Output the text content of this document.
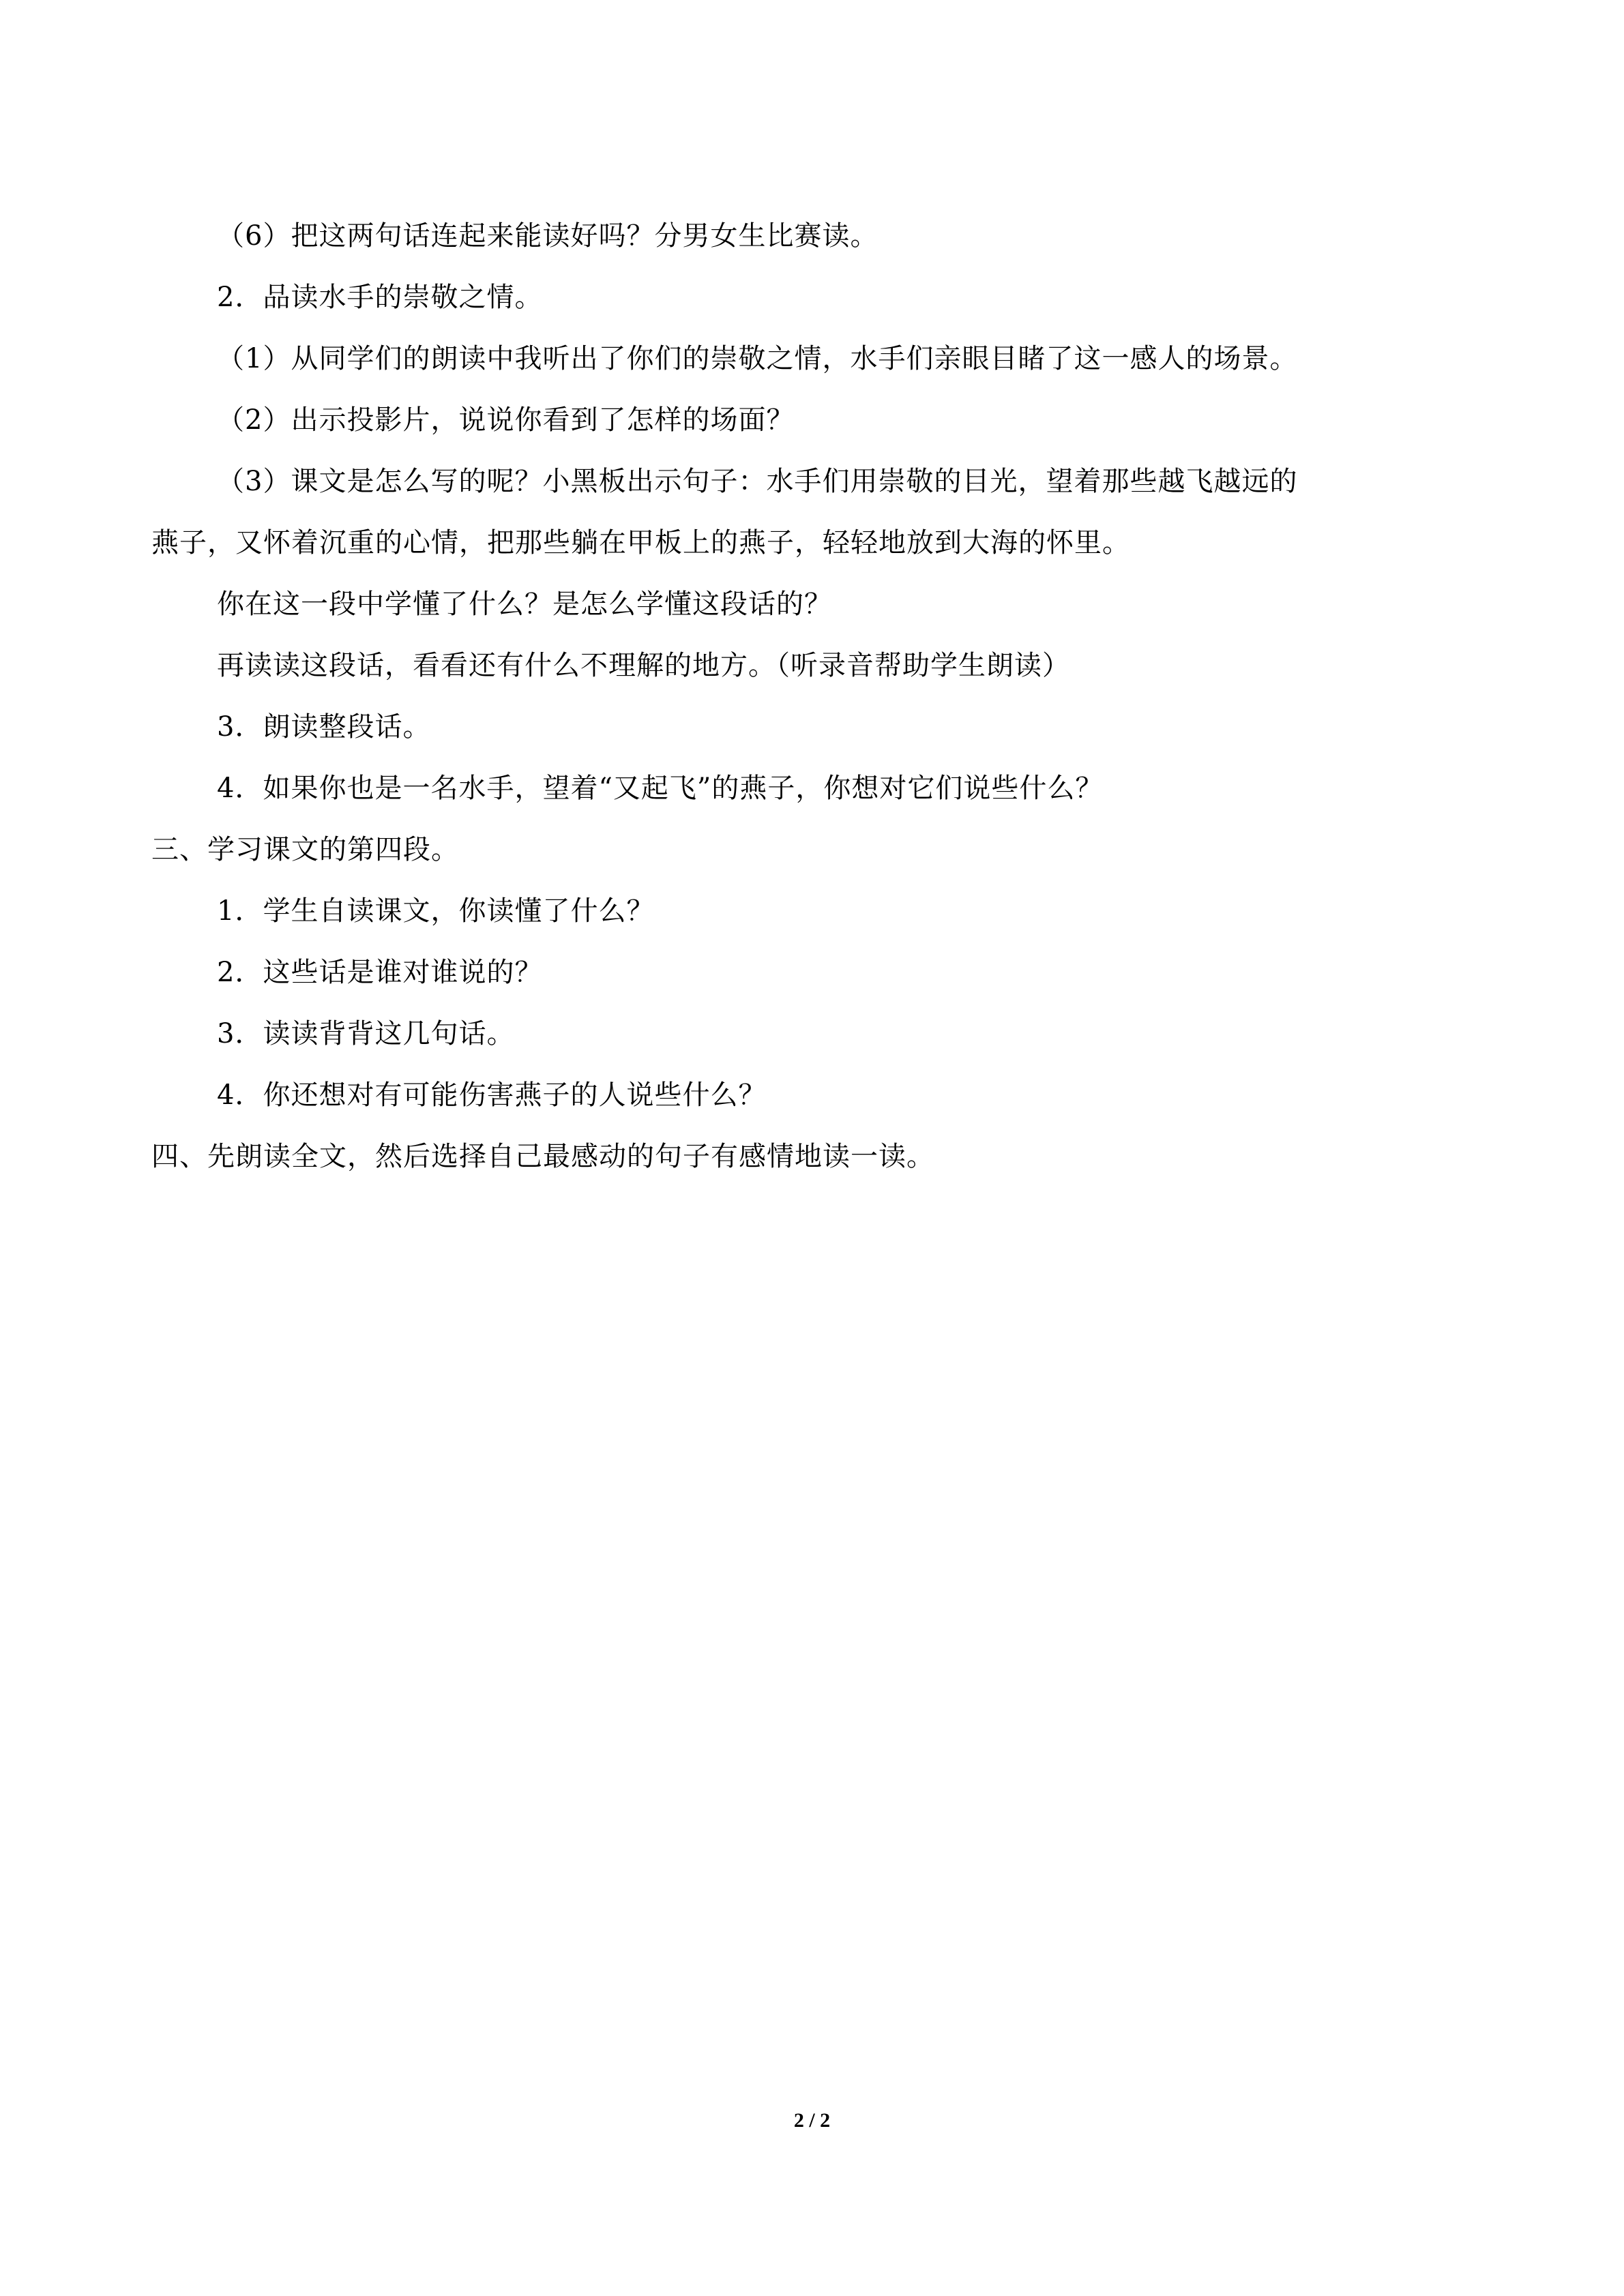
（6）把这两句话连起来能读好吗？分男女生比赛读。
2．品读水手的崇敬之情。
（1）从同学们的朗读中我听出了你们的崇敬之情，水手们亲眼目睹了这一感人的场景。
（2）出示投影片，说说你看到了怎样的场面？
（3）课文是怎么写的呢？小黑板出示句子：水手们用崇敬的目光，望着那些越飞越远的
燕子，又怀着沉重的心情，把那些躺在甲板上的燕子，轻轻地放到大海的怀里。
你在这一段中学懂了什么？是怎么学懂这段话的？
再读读这段话，看看还有什么不理解的地方。（听录音帮助学生朗读）
3．朗读整段话。
4．如果你也是一名水手，望着“又起飞”的燕子，你想对它们说些什么？
三、学习课文的第四段。
1．学生自读课文，你读懂了什么？
2．这些话是谁对谁说的？
3．读读背背这几句话。
4．你还想对有可能伤害燕子的人说些什么？
四、先朗读全文，然后选择自己最感动的句子有感情地读一读。
2 / 2
